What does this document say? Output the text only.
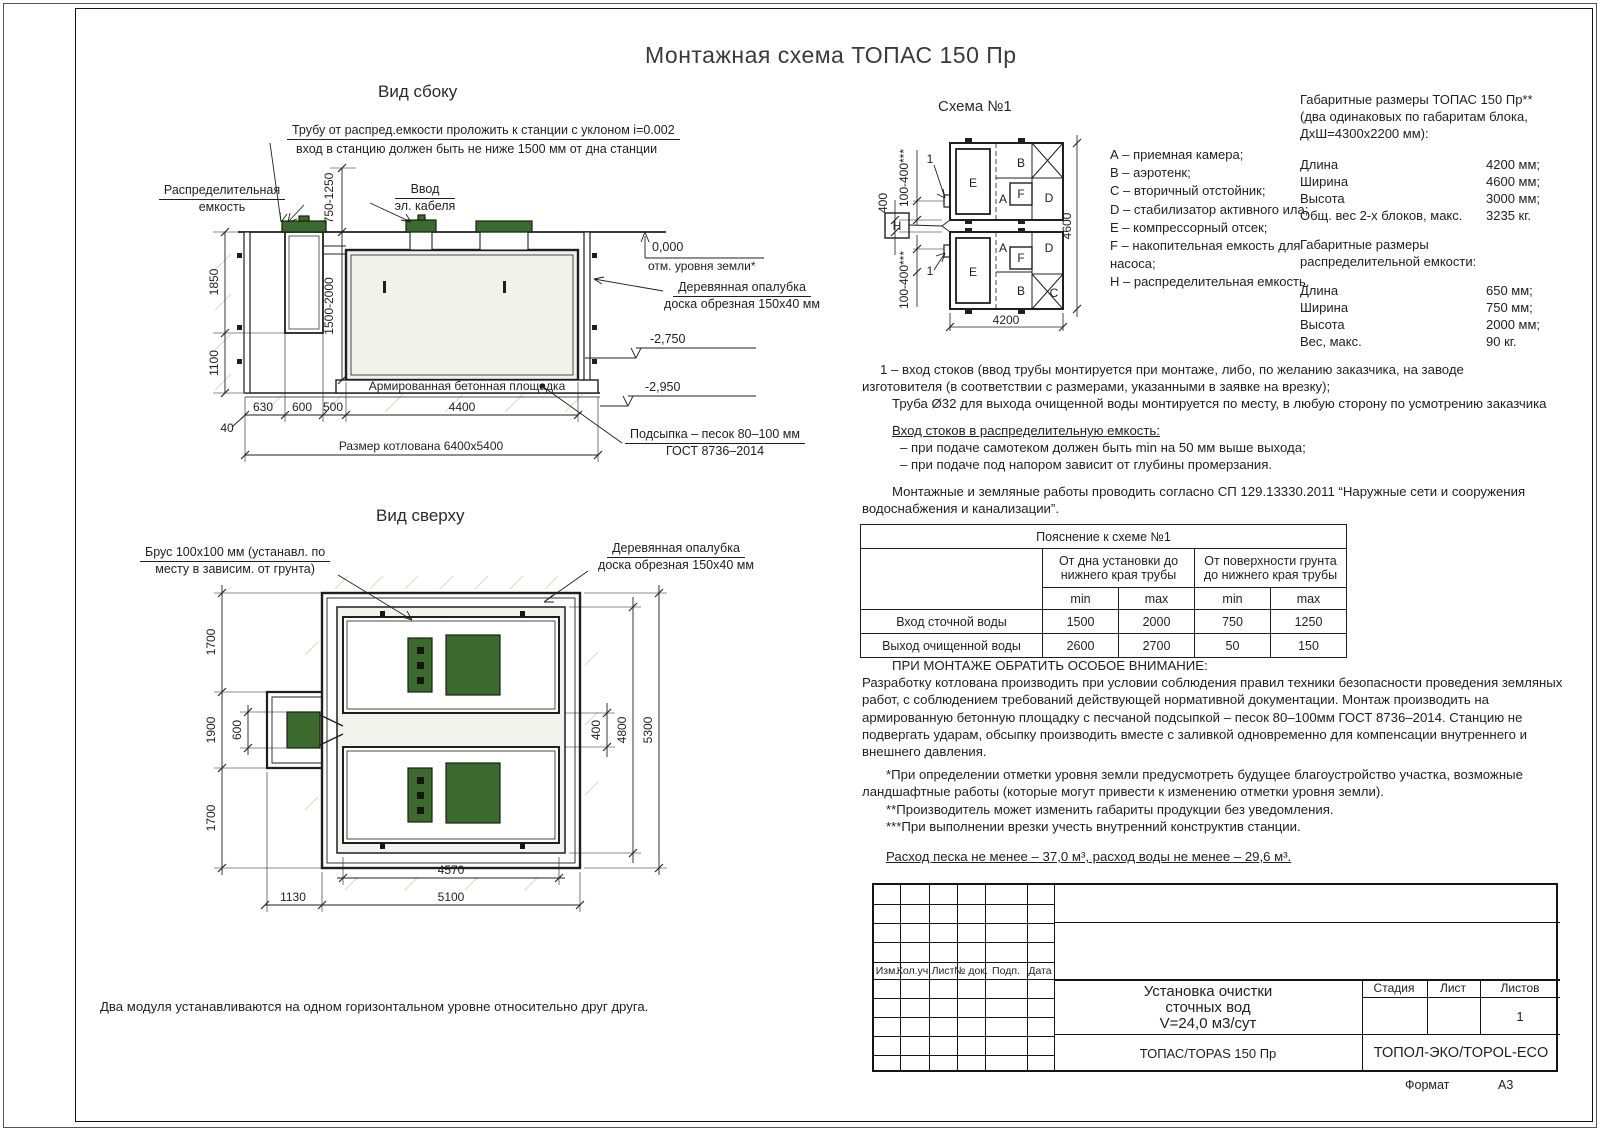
Монтажная схема ТОПАС 150 Пр
Вид сбоку
1850
1100
750-1250
1500-2000
630 600 500	4400
40
Размер котлована 6400х5400
Армированная бетонная площадка
Трубу от распред.емкости проложить к станции с уклоном i=0.002
вход в станцию должен быть не ниже 1500 мм от дна станции
Распределительная
емкость
Ввод
эл. кабеля
0,000
отм. уровня земли*
Деревянная опалубка
доска обрезная 150х40 мм
-2,750
-2,950
Подсыпка – песок 80–100 мм
ГОСТ 8736–2014
Вид сверху
1700
1900
1700
600	400 4800 5300
4570
5100
1130
Брус 100х100 мм (устанавл. по
месту в зависим. от грунта)
Деревянная опалубка
доска обрезная 150х40 мм
Два модуля устанавливаются на одном горизонтальном уровне относительно друг друга.
Схема №1
E
B
A F D
E
A
F
D
B C
H
1
1
4200
4600
400 100-400***
100-400***
А – приемная камера;
В – аэротенк;
С – вторичный отстойник;
D – стабилизатор активного ила;
E – компрессорный отсек;
F – накопительная емкость для насоса;
H – распределительная емкость.
Габаритные размеры ТОПАС 150 Пр**
(два одинаковых по габаритам блока,
ДхШ=4300х2200 мм):
Длина	4200 мм;
Ширина	4600 мм;
Высота	3000 мм;
Общ. вес 2-х блоков, макс.	3235 кг.
Габаритные размеры
распределительной емкости:
Длина	650 мм;
Ширина	750 мм;
Высота	2000 мм;
Вес, макс.	90 кг.
1 – вход стоков (ввод трубы монтируется при монтаже, либо, по желанию заказчика, на заводе
изготовителя (в соответствии с размерами, указанными в заявке на врезку);
Труба Ø32 для выхода очищенной воды монтируется по месту, в любую сторону по усмотрению заказчика
Вход стоков в распределительную емкость:
– при подаче самотеком должен быть min на 50 мм выше выхода;
– при подаче под напором зависит от глубины промерзания.
Монтажные и земляные работы проводить согласно СП 129.13330.2011 “Наружные сети и сооружения
водоснабжения и канализации”.
Пояснение к схеме №1				

От дна установки до
нижнего края трубы

От поверхности грунта
до нижнего края трубы

	min	max	min	max
Вход сточной воды	1500	2000	750	1250
Выход очищенной воды	2600	2700	50	150
ПРИ МОНТАЖЕ ОБРАТИТЬ ОСОБОЕ ВНИМАНИЕ:
Разработку котлована производить при условии соблюдения правил техники безопасности проведения земляных работ, с соблюдением требований действующей нормативной документации. Монтаж производить на армированную бетонную площадку с песчаной подсыпкой – песок 80–100мм ГОСТ 8736–2014. Станцию не подвергать ударам, обсыпку производить вместе с заливкой одновременно для компенсации внутреннего и внешнего давления.
*При определении отметки уровня земли предусмотреть будущее благоустройство участка, возможные ландшафтные работы (которые могут привести к изменению отметки уровня земли).
**Производитель может изменить габариты продукции без уведомления.
***При выполнении врезки учесть внутренний конструктив станции.
Расход песка не менее – 37,0 м³, расход воды не менее – 29,6 м³.
Изм.
Кол.уч. Лист № док. Подп. Дата
Установка очистки
сточных вод
V=24,0 м3/сут
Стадия Лист	Листов
1
ТОПАС/TOPAS 150 Пр	ТОПОЛ-ЭКО/TOPOL-ECO
Формат	А3
